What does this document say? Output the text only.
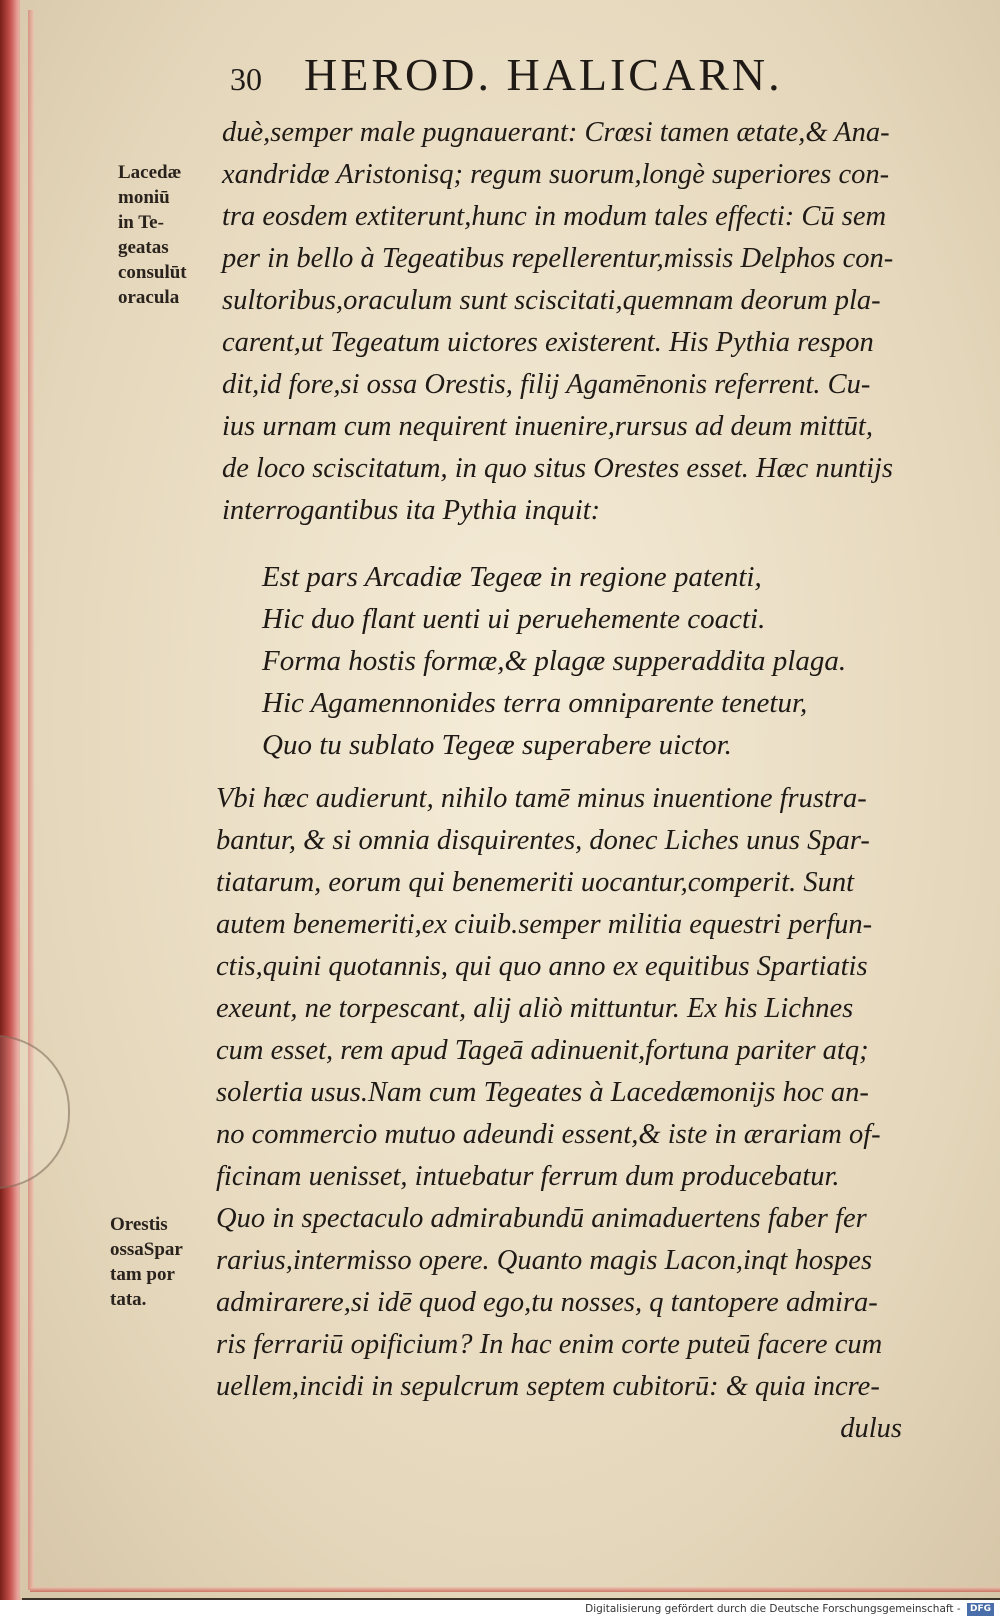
30 HEROD. HALICARN.
Lacedæ
moniū
in Te-
geatas
consulūt
oracula
duè,semper male pugnauerant: Crœsi tamen ætate,& Ana-
xandridæ Aristonisq; regum suorum,longè superiores con-
tra eosdem extiterunt,hunc in modum tales effecti: Cū sem
per in bello à Tegeatibus repellerentur,missis Delphos con-
sultoribus,oraculum sunt sciscitati,quemnam deorum pla-
carent,ut Tegeatum uictores existerent. His Pythia respon
dit,id fore,si ossa Orestis, filij Agamēnonis referrent. Cu-
ius urnam cum nequirent inuenire,rursus ad deum mittūt,
de loco sciscitatum, in quo situs Orestes esset. Hæc nuntijs
interrogantibus ita Pythia inquit:
Est pars Arcadiæ Tegeæ in regione patenti,
Hic duo flant uenti ui peruehemente coacti.
Forma hostis formæ,& plagæ supperaddita plaga.
Hic Agamennonides terra omniparente tenetur,
Quo tu sublato Tegeæ superabere uictor.
Vbi hæc audierunt, nihilo tamē minus inuentione frustra-
bantur, & si omnia disquirentes, donec Liches unus Spar-
tiatarum, eorum qui benemeriti uocantur,comperit. Sunt
autem benemeriti,ex ciuib.semper militia equestri perfun-
ctis,quini quotannis, qui quo anno ex equitibus Spartiatis
exeunt, ne torpescant, alij aliò mittuntur. Ex his Lichnes
cum esset, rem apud Tageā adinuenit,fortuna pariter atq;
solertia usus.Nam cum Tegeates à Lacedæmonijs hoc an-
no commercio mutuo adeundi essent,& iste in ærariam of-
ficinam uenisset, intuebatur ferrum dum producebatur.
Quo in spectaculo admirabundū animaduertens faber fer
rarius,intermisso opere. Quanto magis Lacon,inqt hospes
admirarere,si idē quod ego,tu nosses, q tantopere admira-
ris ferrariū opificium? In hac enim corte puteū facere cum
uellem,incidi in sepulcrum septem cubitorū: & quia incre-
dulus
Orestis
ossaSpar
tam por
tata.
Digitalisierung gefördert durch die Deutsche Forschungsgemeinschaft - DFG
